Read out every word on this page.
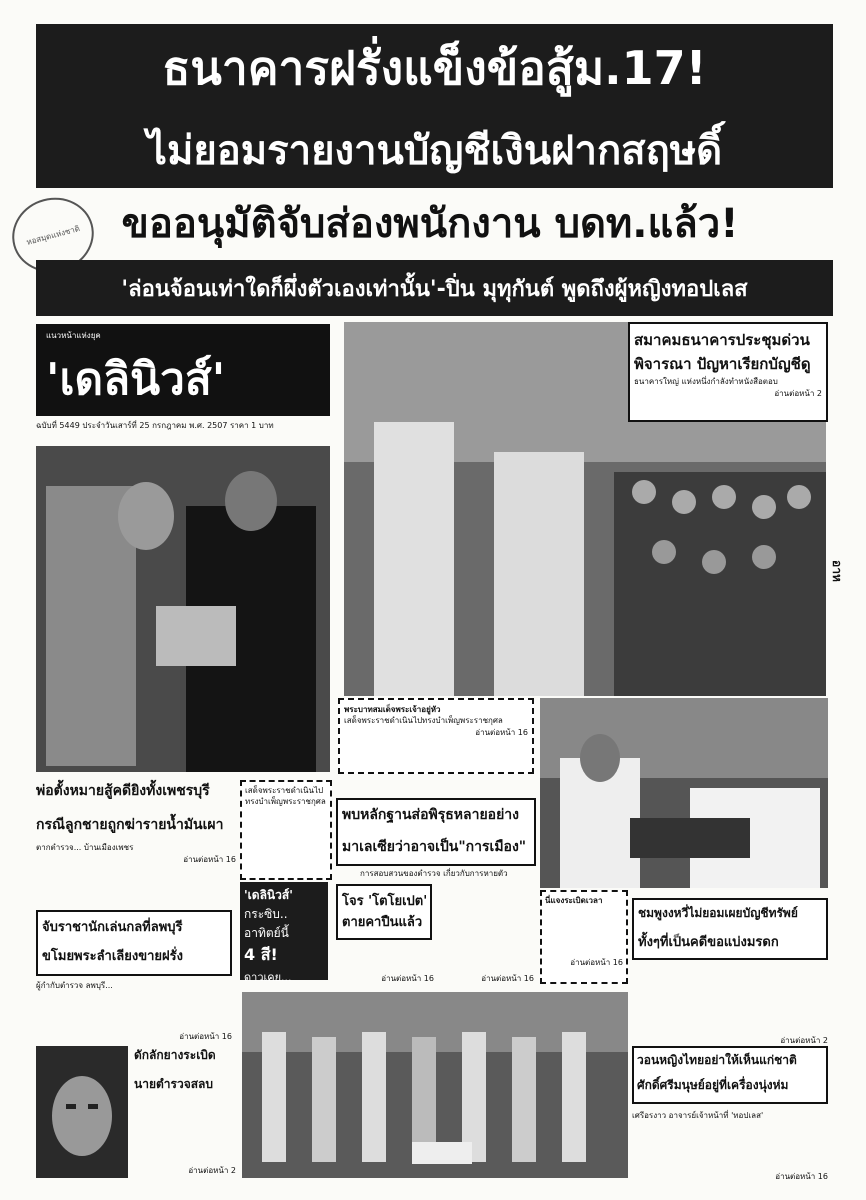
ธนาคารฝรั่งแข็งข้อสู้ม.17!
ไม่ยอมรายงานบัญชีเงินฝากสฤษดิ์
ขออนุมัติจับส่องพนักงาน บดท.แล้ว!
หอสมุดแห่งชาติ
'ล่อนจ้อนเท่าใดก็ผึ่งตัวเองเท่านั้น'-ปิ่น มุทุกันต์ พูดถึงผู้หญิงทอปเลส
แนวหน้าแห่งยุค
'เดลินิวส์'
ฉบับที่ 5449 ประจำวันเสาร์ที่ 25 กรกฎาคม พ.ศ. 2507 ราคา 1 บาท
สมาคมธนาคารประชุมด่วน
พิจารณา ปัญหาเรียกบัญชีดู
ธนาคารใหญ่ แห่งหนึ่งกำลังทำหนังสือตอบ
อ่านต่อหน้า 2
พระบาทสมเด็จพระเจ้าอยู่หัว
เสด็จพระราชดำเนินไปทรงบำเพ็ญพระราชกุศล
อ่านต่อหน้า 16
พ่อตั้งหมายสู้คดียิงทั้งเพชรบุรี
กรณีลูกชายถูกฆ่ารายน้ำมันเผา
ตากตำรวจ... บ้านเมืองเพชร
อ่านต่อหน้า 16
เสด็จพระราชดำเนินไปทรงบำเพ็ญพระราชกุศล
พบหลักฐานส่อพิรุธหลายอย่าง
มาเลเซียว่าอาจเป็น"การเมือง"
การสอบสวนของตำรวจ เกี่ยวกับการหายตัว
โจร 'โตโยเปต'
ตายคาปืนแล้ว
อ่านต่อหน้า 16	อ่านต่อหน้า 16
'เดลินิวส์'
กระซิบ..
อาทิตย์นี้
4 สี!
ดาวเคย...
นี่แจงระเบิดเวลา
อ่านต่อหน้า 16
จับราชานักเล่นกลที่ลพบุรี
ขโมยพระลำเลียงขายฝรั่ง
ผู้กำกับตำรวจ ลพบุรี...
อ่านต่อหน้า 16
ชมพูงงหวี่ไม่ยอมเผยบัญชีทรัพย์
ทั้งๆที่เป็นคดีขอแบ่งมรดก
อ่านต่อหน้า 2
ดักลักยางระเบิด
นายตำรวจสลบ
อ่านต่อหน้า 2
วอนหญิงไทยอย่าให้เห็นแก่ชาติ
ศักดิ์ศรีมนุษย์อยู่ที่เครื่องนุ่งห่ม
เศรีอรงาว อาจารย์เจ้าหน้าที่ 'ทอปเลส'
อ่านต่อหน้า 16
อาห
